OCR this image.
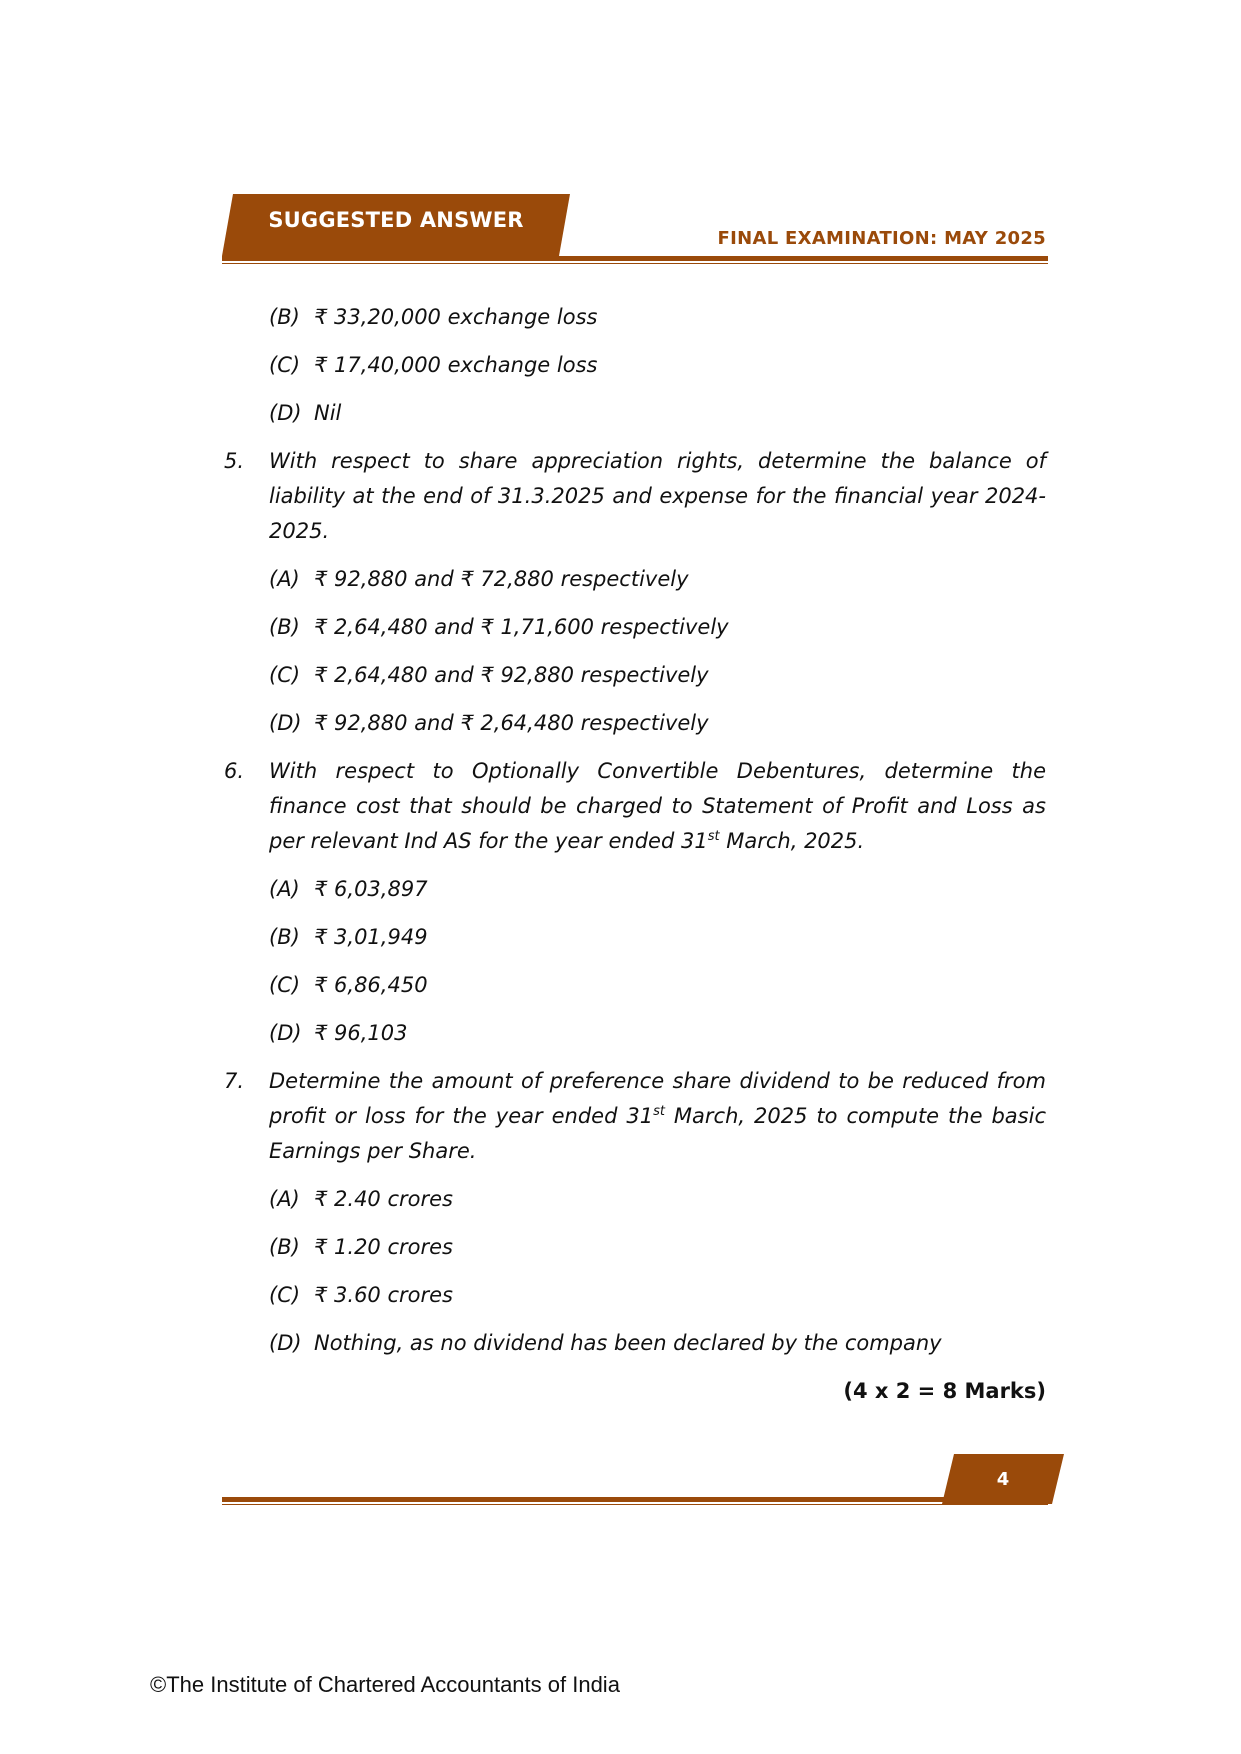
SUGGESTED ANSWER
FINAL EXAMINATION: MAY 2025
(B) ₹ 33,20,000 exchange loss
(C) ₹ 17,40,000 exchange loss
(D) Nil
5. With respect to share appreciation rights, determine the balance of liability at the end of 31.3.2025 and expense for the financial year 2024-2025.
(A) ₹ 92,880 and ₹ 72,880 respectively
(B) ₹ 2,64,480 and ₹ 1,71,600 respectively
(C) ₹ 2,64,480 and ₹ 92,880 respectively
(D) ₹ 92,880 and ₹ 2,64,480 respectively
6. With respect to Optionally Convertible Debentures, determine the finance cost that should be charged to Statement of Profit and Loss as per relevant Ind AS for the year ended 31st March, 2025.
(A) ₹ 6,03,897
(B) ₹ 3,01,949
(C) ₹ 6,86,450
(D) ₹ 96,103
7. Determine the amount of preference share dividend to be reduced from profit or loss for the year ended 31st March, 2025 to compute the basic Earnings per Share.
(A) ₹ 2.40 crores
(B) ₹ 1.20 crores
(C) ₹ 3.60 crores
(D) Nothing, as no dividend has been declared by the company
(4 x 2 = 8 Marks)
4
©The Institute of Chartered Accountants of India
